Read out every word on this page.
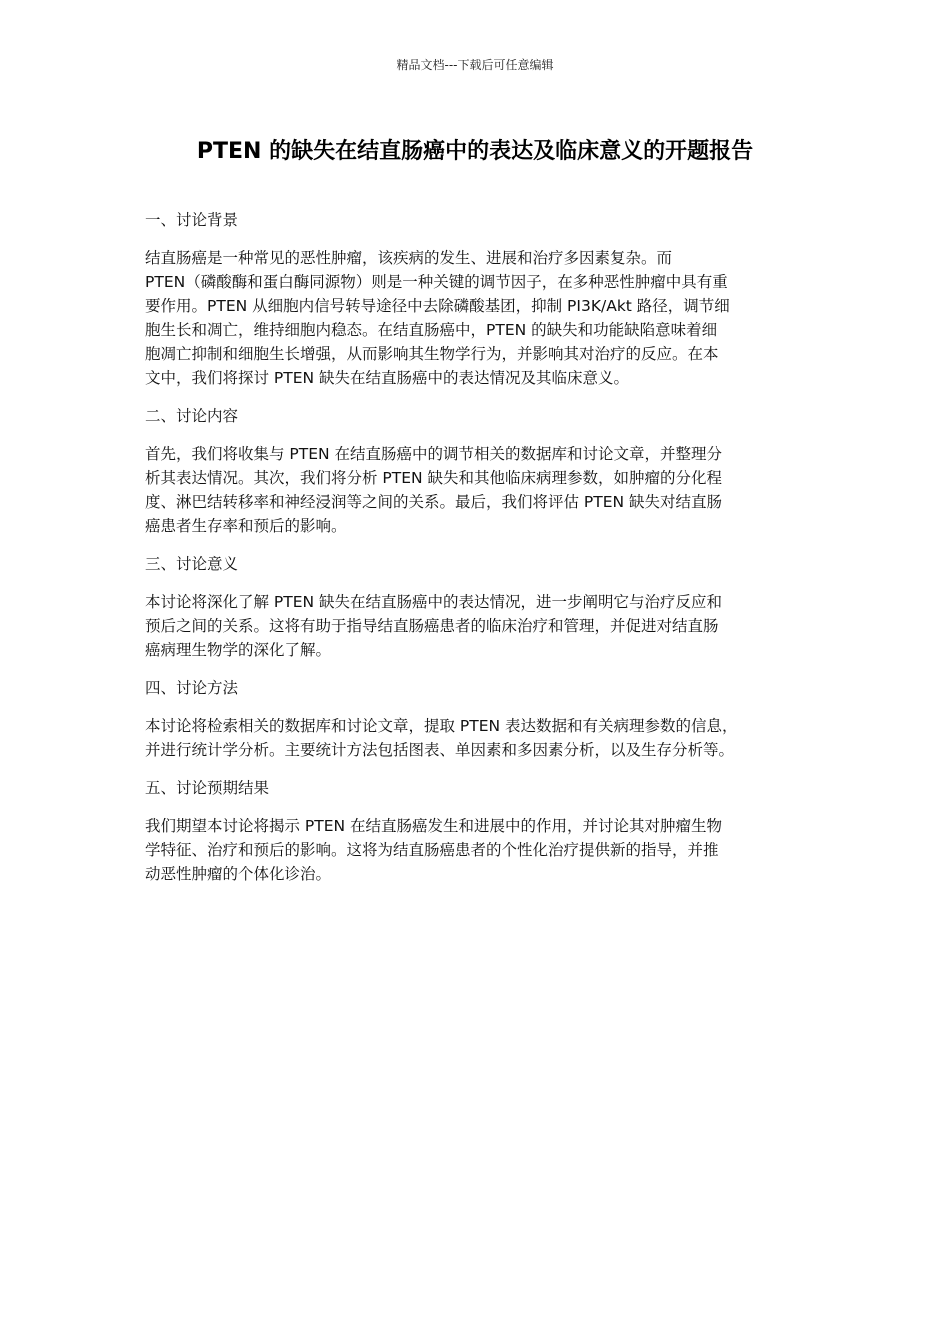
精品文档---下载后可任意编辑
PTEN 的缺失在结直肠癌中的表达及临床意义的开题报告

一、讨论背景

结直肠癌是一种常见的恶性肿瘤，该疾病的发生、进展和治疗多因素复杂。而
PTEN（磷酸酶和蛋白酶同源物）则是一种关键的调节因子，在多种恶性肿瘤中具有重
要作用。PTEN 从细胞内信号转导途径中去除磷酸基团，抑制 PI3K/Akt 路径，调节细
胞生长和凋亡，维持细胞内稳态。在结直肠癌中，PTEN 的缺失和功能缺陷意味着细
胞凋亡抑制和细胞生长增强，从而影响其生物学行为，并影响其对治疗的反应。在本
文中，我们将探讨 PTEN 缺失在结直肠癌中的表达情况及其临床意义。

二、讨论内容

首先，我们将收集与 PTEN 在结直肠癌中的调节相关的数据库和讨论文章，并整理分
析其表达情况。其次，我们将分析 PTEN 缺失和其他临床病理参数，如肿瘤的分化程
度、淋巴结转移率和神经浸润等之间的关系。最后，我们将评估 PTEN 缺失对结直肠
癌患者生存率和预后的影响。

三、讨论意义

本讨论将深化了解 PTEN 缺失在结直肠癌中的表达情况，进一步阐明它与治疗反应和
预后之间的关系。这将有助于指导结直肠癌患者的临床治疗和管理，并促进对结直肠
癌病理生物学的深化了解。

四、讨论方法

本讨论将检索相关的数据库和讨论文章，提取 PTEN 表达数据和有关病理参数的信息，
并进行统计学分析。主要统计方法包括图表、单因素和多因素分析，以及生存分析等。

五、讨论预期结果

我们期望本讨论将揭示 PTEN 在结直肠癌发生和进展中的作用，并讨论其对肿瘤生物
学特征、治疗和预后的影响。这将为结直肠癌患者的个性化治疗提供新的指导，并推
动恶性肿瘤的个体化诊治。
